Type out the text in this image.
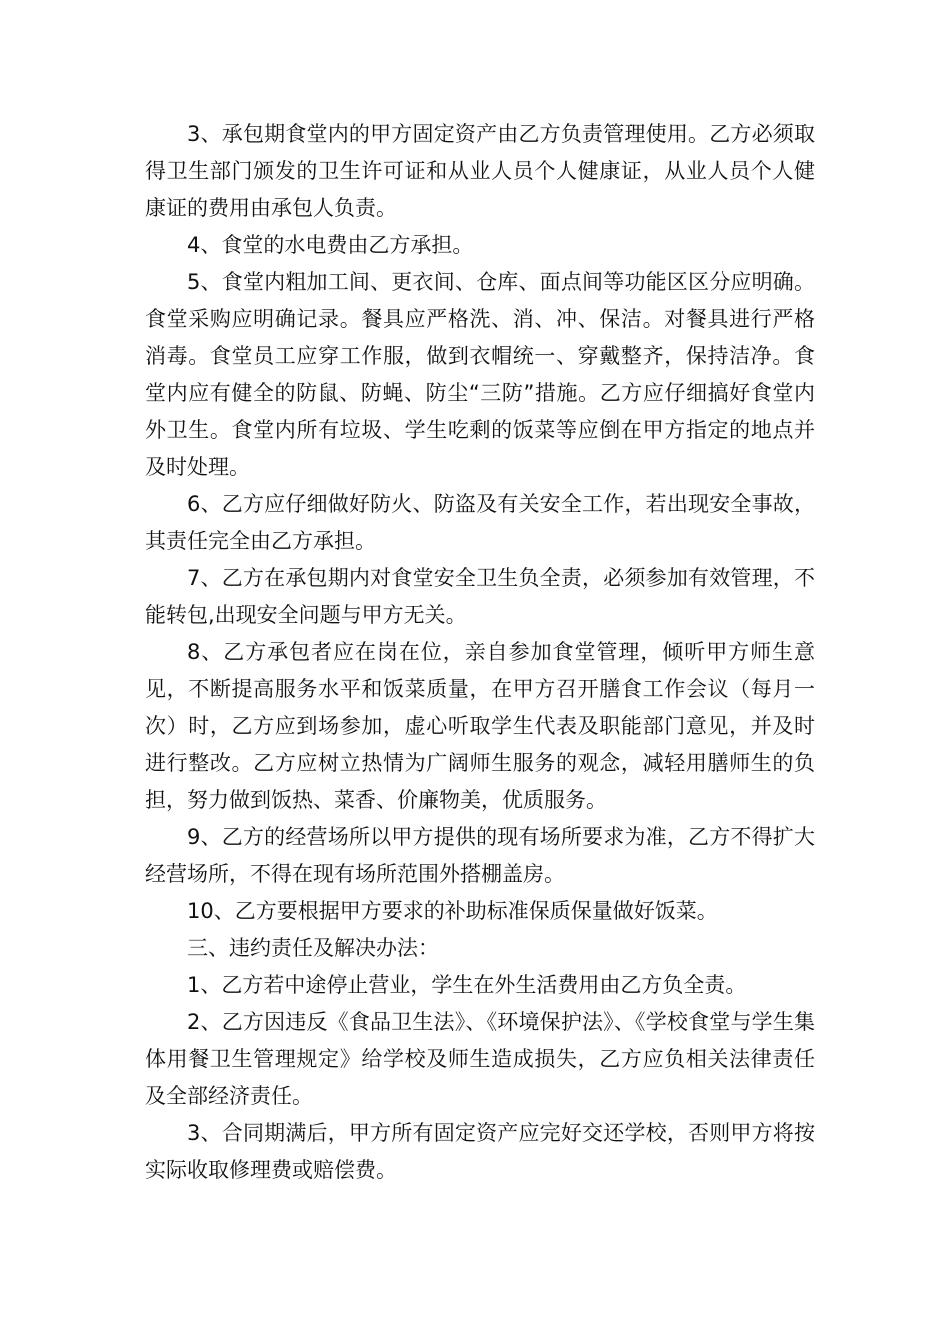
3、承包期食堂内的甲方固定资产由乙方负责管理使用。乙方必须取得卫生部门颁发的卫生许可证和从业人员个人健康证，从业人员个人健康证的费用由承包人负责。

4、食堂的水电费由乙方承担。

5、食堂内粗加工间、更衣间、仓库、面点间等功能区区分应明确。食堂采购应明确记录。餐具应严格洗、消、冲、保洁。对餐具进行严格消毒。食堂员工应穿工作服，做到衣帽统一、穿戴整齐，保持洁净。食堂内应有健全的防鼠、防蝇、防尘“三防”措施。乙方应仔细搞好食堂内外卫生。食堂内所有垃圾、学生吃剩的饭菜等应倒在甲方指定的地点并及时处理。

6、乙方应仔细做好防火、防盗及有关安全工作，若出现安全事故，其责任完全由乙方承担。

7、乙方在承包期内对食堂安全卫生负全责，必须参加有效管理，不能转包,出现安全问题与甲方无关。

8、乙方承包者应在岗在位，亲自参加食堂管理，倾听甲方师生意见，不断提高服务水平和饭菜质量，在甲方召开膳食工作会议（每月一次）时，乙方应到场参加，虚心听取学生代表及职能部门意见，并及时进行整改。乙方应树立热情为广阔师生服务的观念，减轻用膳师生的负担，努力做到饭热、菜香、价廉物美，优质服务。

9、乙方的经营场所以甲方提供的现有场所要求为准，乙方不得扩大经营场所，不得在现有场所范围外搭棚盖房。

10、乙方要根据甲方要求的补助标准保质保量做好饭菜。

三、违约责任及解决办法：

1、乙方若中途停止营业，学生在外生活费用由乙方负全责。

2、乙方因违反《食品卫生法》、《环境保护法》、《学校食堂与学生集体用餐卫生管理规定》给学校及师生造成损失，乙方应负相关法律责任及全部经济责任。

3、合同期满后，甲方所有固定资产应完好交还学校，否则甲方将按实际收取修理费或赔偿费。
